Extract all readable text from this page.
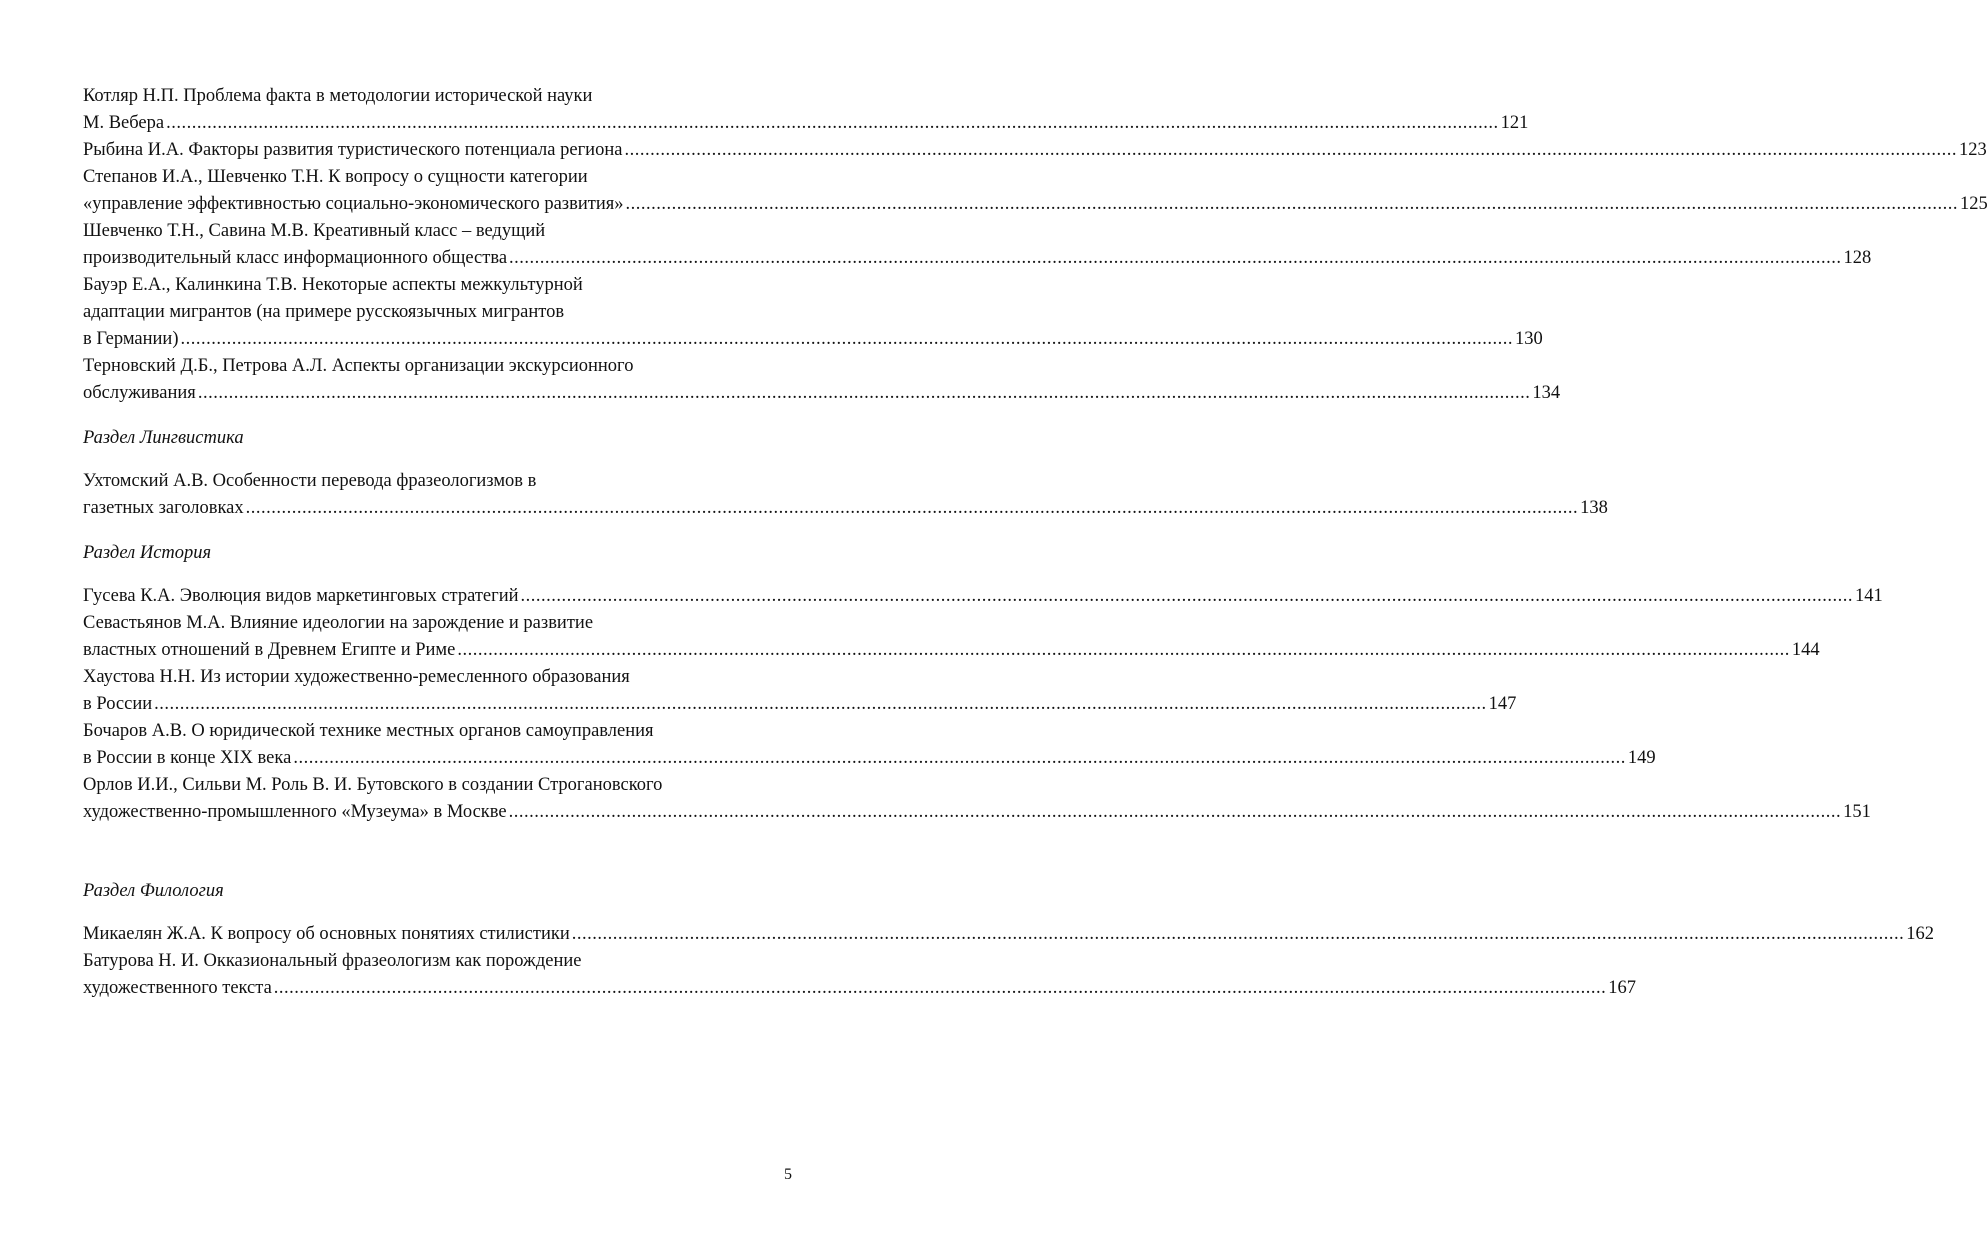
Котляр Н.П. Проблема факта в методологии исторической науки
М. Вебера .................................................................................................................................................................................................................................................................... 121
Рыбина И.А. Факторы развития туристического потенциала региона .................................................................................................................................................................................................................................................................... 123
Степанов И.А., Шевченко Т.Н. К вопросу о сущности категории
«управление эффективностью социально-экономического развития» .................................................................................................................................................................................................................................................................... 125
Шевченко Т.Н., Савина М.В. Креативный класс – ведущий
производительный класс информационного общества .................................................................................................................................................................................................................................................................... 128
Бауэр Е.А., Калинкина Т.В. Некоторые аспекты межкультурной
адаптации мигрантов (на примере русскоязычных мигрантов
в Германии) .................................................................................................................................................................................................................................................................... 130
Терновский Д.Б., Петрова А.Л. Аспекты организации экскурсионного
обслуживания .................................................................................................................................................................................................................................................................... 134
Раздел Лингвистика
Ухтомский А.В. Особенности перевода фразеологизмов в
газетных заголовках .................................................................................................................................................................................................................................................................... 138
Раздел История
Гусева К.А. Эволюция видов маркетинговых стратегий .................................................................................................................................................................................................................................................................... 141
Севастьянов М.А. Влияние идеологии на зарождение и развитие
властных отношений в Древнем Египте и Риме .................................................................................................................................................................................................................................................................... 144
Хаустова Н.Н. Из истории художественно-ремесленного образования
в России .................................................................................................................................................................................................................................................................... 147
Бочаров А.В. О юридической технике местных органов самоуправления
в России в конце XIX века .................................................................................................................................................................................................................................................................... 149
Орлов И.И., Сильви М. Роль В. И. Бутовского в создании Строгановского
художественно-промышленного «Музеума» в Москве .................................................................................................................................................................................................................................................................... 151
Раздел Филология
Микаелян Ж.А. К вопросу об основных понятиях стилистики .................................................................................................................................................................................................................................................................... 162
Батурова Н. И. Окказиональный фразеологизм как порождение
художественного текста .................................................................................................................................................................................................................................................................... 167
5
